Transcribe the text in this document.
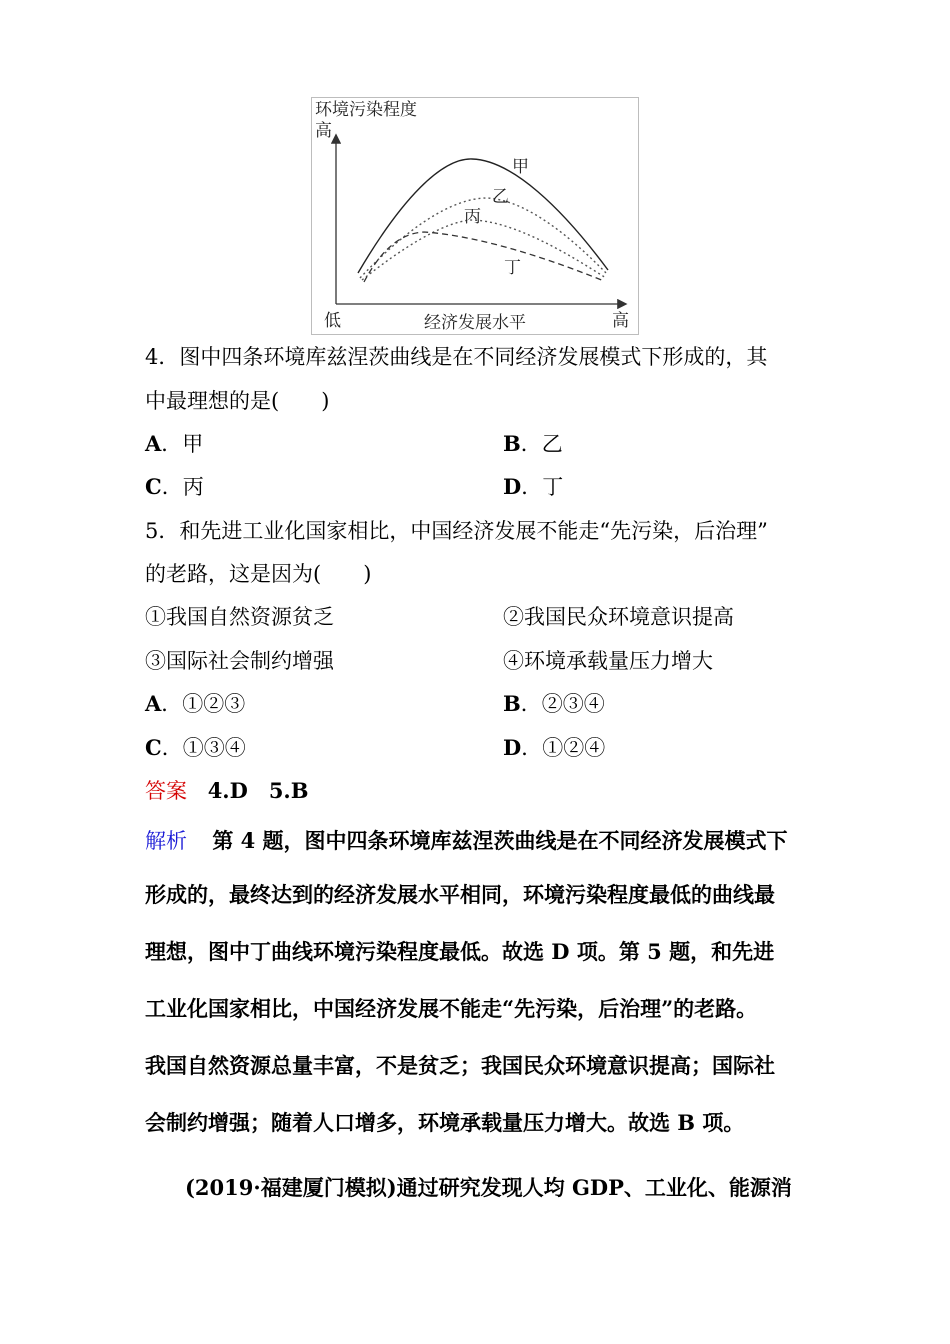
环境污染程度
高
低	经济发展水平	高
甲
乙
丙
丁
4．图中四条环境库兹涅茨曲线是在不同经济发展模式下形成的，其
中最理想的是(　　)
A．甲	B．乙
C．丙	D．丁
5．和先进工业化国家相比，中国经济发展不能走“先污染，后治理”
的老路，这是因为(　　)
①我国自然资源贫乏	②我国民众环境意识提高
③国际社会制约增强	④环境承载量压力增大
A．①②③	B．②③④
C．①③④	D．①②④
答案 4.D　5.B
解析 第 4 题，图中四条环境库兹涅茨曲线是在不同经济发展模式下
形成的，最终达到的经济发展水平相同，环境污染程度最低的曲线最
理想，图中丁曲线环境污染程度最低。故选 D 项。第 5 题，和先进
工业化国家相比，中国经济发展不能走“先污染，后治理”的老路。
我国自然资源总量丰富，不是贫乏；我国民众环境意识提高；国际社
会制约增强；随着人口增多，环境承载量压力增大。故选 B 项。
(2019·福建厦门模拟)通过研究发现人均 GDP、工业化、能源消
